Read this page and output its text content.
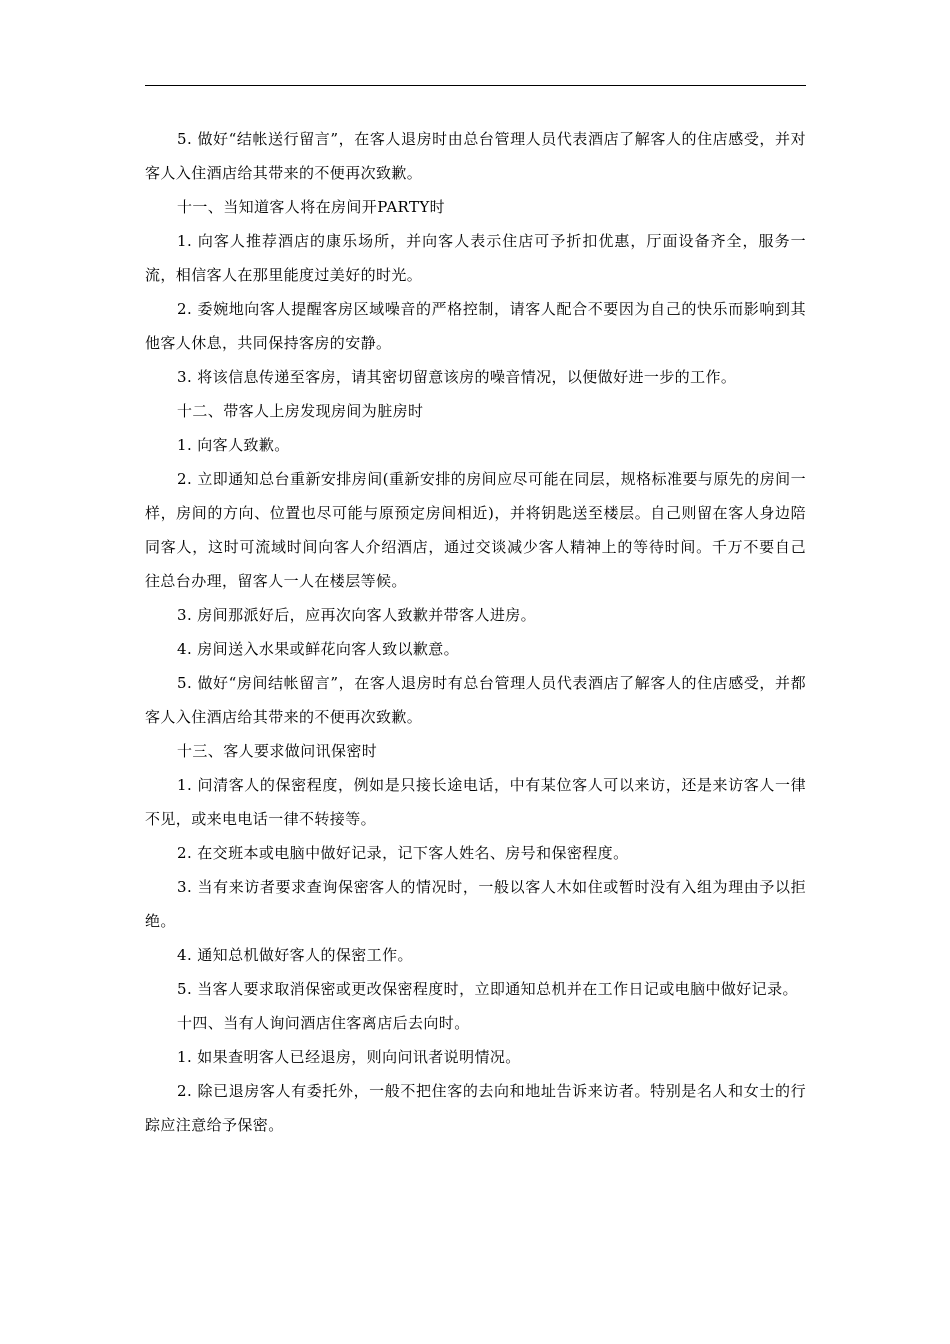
5. 做好“结帐送行留言”，在客人退房时由总台管理人员代表酒店了解客人的住店感受，并对客人入住酒店给其带来的不便再次致歉。

十一、当知道客人将在房间开PARTY时

1. 向客人推荐酒店的康乐场所，并向客人表示住店可予折扣优惠，厅面设备齐全，服务一流，相信客人在那里能度过美好的时光。

2. 委婉地向客人提醒客房区域噪音的严格控制，请客人配合不要因为自己的快乐而影响到其他客人休息，共同保持客房的安静。

3. 将该信息传递至客房，请其密切留意该房的噪音情况，以便做好进一步的工作。

十二、带客人上房发现房间为脏房时

1. 向客人致歉。

2. 立即通知总台重新安排房间(重新安排的房间应尽可能在同层，规格标准要与原先的房间一样，房间的方向、位置也尽可能与原预定房间相近)，并将钥匙送至楼层。自己则留在客人身边陪同客人，这时可流域时间向客人介绍酒店，通过交谈减少客人精神上的等待时间。千万不要自己往总台办理，留客人一人在楼层等候。

3. 房间那派好后，应再次向客人致歉并带客人进房。

4. 房间送入水果或鲜花向客人致以歉意。

5. 做好“房间结帐留言”，在客人退房时有总台管理人员代表酒店了解客人的住店感受，并都客人入住酒店给其带来的不便再次致歉。

十三、客人要求做问讯保密时

1. 问清客人的保密程度，例如是只接长途电话，中有某位客人可以来访，还是来访客人一律不见，或来电电话一律不转接等。

2. 在交班本或电脑中做好记录，记下客人姓名、房号和保密程度。

3. 当有来访者要求查询保密客人的情况时，一般以客人木如住或暂时没有入组为理由予以拒绝。

4. 通知总机做好客人的保密工作。

5. 当客人要求取消保密或更改保密程度时，立即通知总机并在工作日记或电脑中做好记录。

十四、当有人询问酒店住客离店后去向时。

1. 如果查明客人已经退房，则向问讯者说明情况。

2. 除已退房客人有委托外，一般不把住客的去向和地址告诉来访者。特别是名人和女士的行踪应注意给予保密。
